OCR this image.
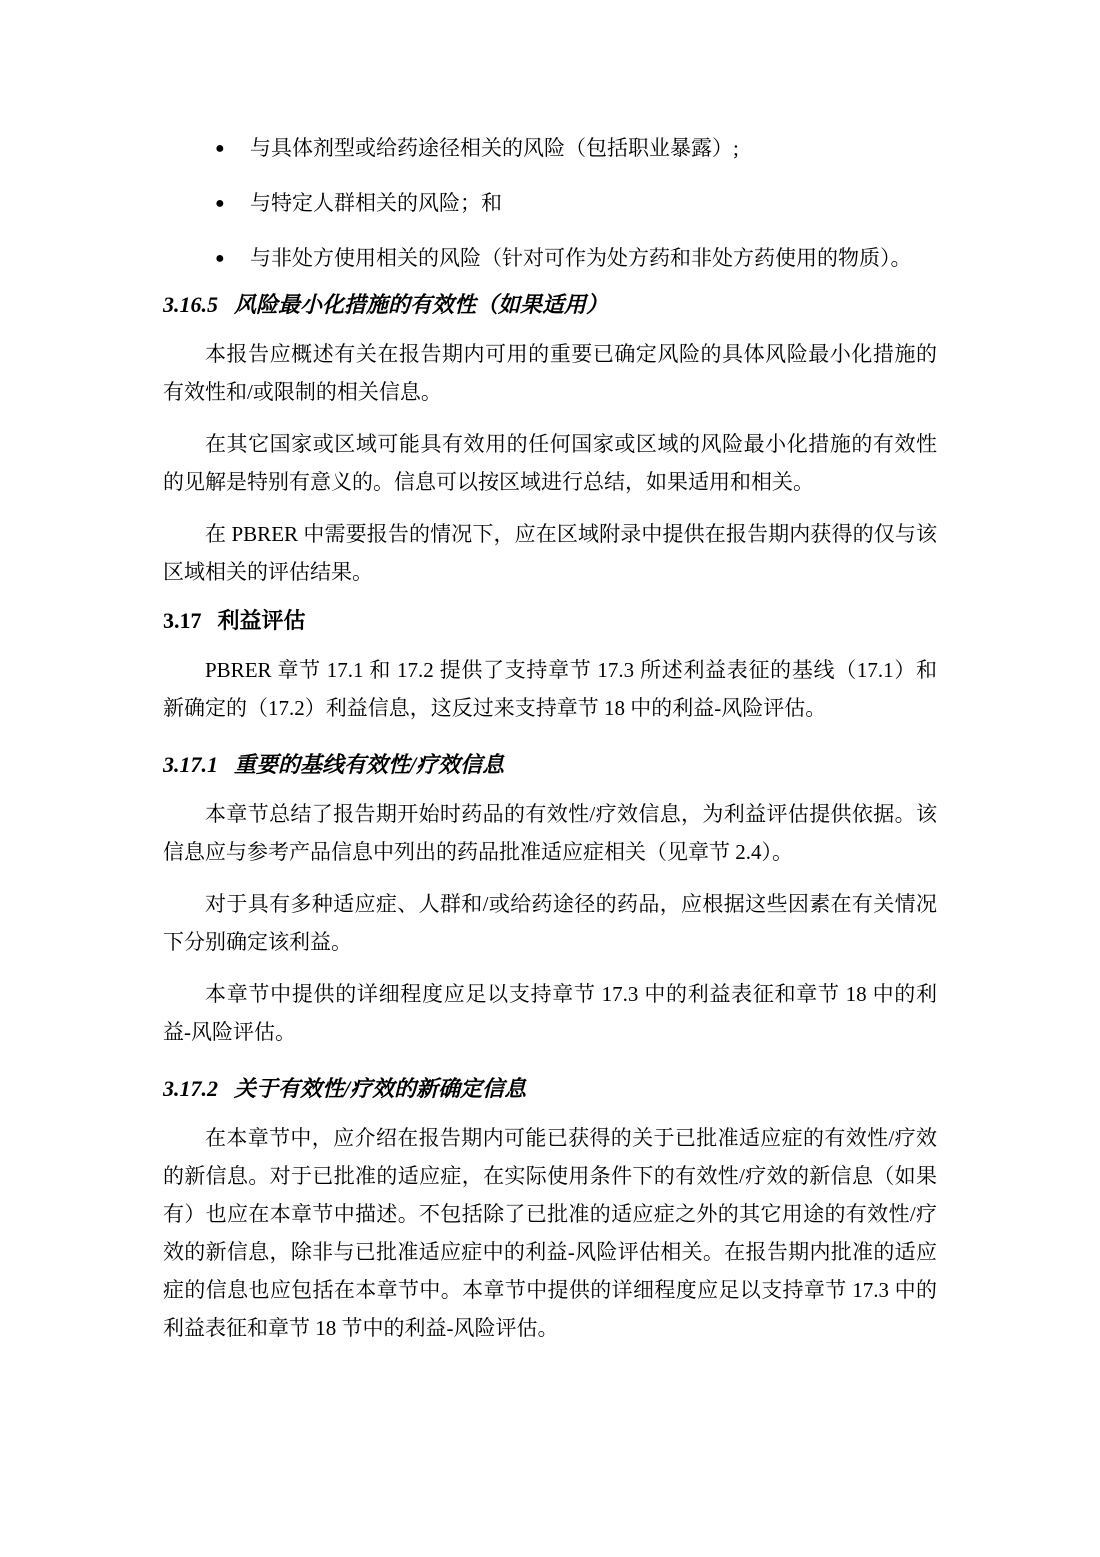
● 与具体剂型或给药途径相关的风险（包括职业暴露）;
● 与特定人群相关的风险；和
● 与非处方使用相关的风险（针对可作为处方药和非处方药使用的物质）。
3.16.5 风险最小化措施的有效性（如果适用）

本报告应概述有关在报告期内可用的重要已确定风险的具体风险最小化措施的有效性和/或限制的相关信息。

在其它国家或区域可能具有效用的任何国家或区域的风险最小化措施的有效性的见解是特别有意义的。信息可以按区域进行总结，如果适用和相关。

在 PBRER 中需要报告的情况下，应在区域附录中提供在报告期内获得的仅与该区域相关的评估结果。

3.17 利益评估

PBRER 章节 17.1 和 17.2 提供了支持章节 17.3 所述利益表征的基线（17.1）和新确定的（17.2）利益信息，这反过来支持章节 18 中的利益-风险评估。

3.17.1 重要的基线有效性/疗效信息

本章节总结了报告期开始时药品的有效性/疗效信息，为利益评估提供依据。该信息应与参考产品信息中列出的药品批准适应症相关（见章节 2.4）。

对于具有多种适应症、人群和/或给药途径的药品，应根据这些因素在有关情况下分别确定该利益。

本章节中提供的详细程度应足以支持章节 17.3 中的利益表征和章节 18 中的利益-风险评估。

3.17.2 关于有效性/疗效的新确定信息

在本章节中，应介绍在报告期内可能已获得的关于已批准适应症的有效性/疗效的新信息。对于已批准的适应症，在实际使用条件下的有效性/疗效的新信息（如果有）也应在本章节中描述。不包括除了已批准的适应症之外的其它用途的有效性/疗效的新信息，除非与已批准适应症中的利益-风险评估相关。在报告期内批准的适应症的信息也应包括在本章节中。本章节中提供的详细程度应足以支持章节 17.3 中的利益表征和章节 18 节中的利益-风险评估。
